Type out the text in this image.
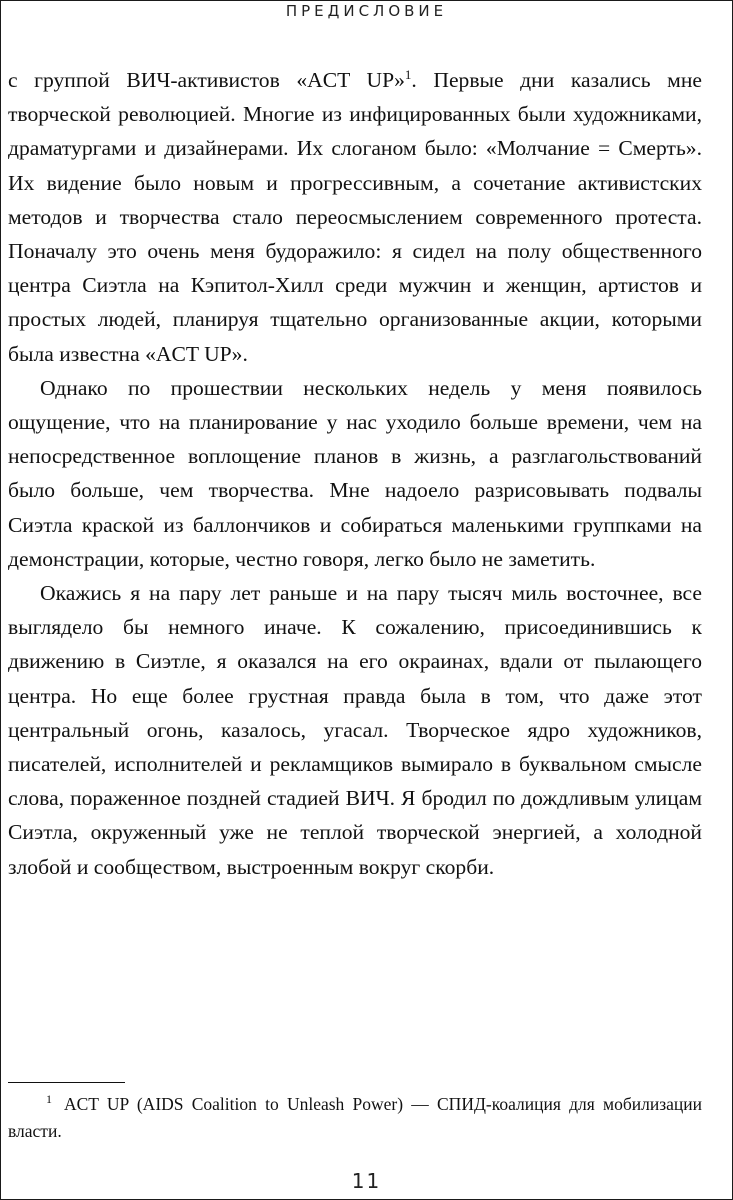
ПРЕДИСЛОВИЕ

с группой ВИЧ-активистов «ACT UP»$^1$. Первые дни казались мне творческой революцией. Многие из инфицированных были художниками, драматургами и дизайнерами. Их слоганом было: «Молчание = Смерть». Их видение было новым и прогрессивным, а сочетание активистских методов и творчества стало переосмыслением современного протеста. Поначалу это очень меня будоражило: я сидел на полу общественного центра Сиэтла на Кэпитол-Хилл среди мужчин и женщин, артистов и простых людей, планируя тщательно организованные акции, которыми была известна «ACT UP».

Однако по прошествии нескольких недель у меня появилось ощущение, что на планирование у нас уходило больше времени, чем на непосредственное воплощение планов в жизнь, а разглагольствований было больше, чем творчества. Мне надоело разрисовывать подвалы Сиэтла краской из баллончиков и собираться маленькими группками на демонстрации, которые, честно говоря, легко было не заметить.

Окажись я на пару лет раньше и на пару тысяч миль восточнее, все выглядело бы немного иначе. К сожалению, присоединившись к движению в Сиэтле, я оказался на его окраинах, вдали от пылающего центра. Но еще более грустная правда была в том, что даже этот центральный огонь, казалось, угасал. Творческое ядро художников, писателей, исполнителей и рекламщиков вымирало в буквальном смысле слова, пораженное поздней стадией ВИЧ. Я бродил по дождливым улицам Сиэтла, окруженный уже не теплой творческой энергией, а холодной злобой и сообществом, выстроенным вокруг скорби.

$^1$ ACT UP (AIDS Coalition to Unleash Power) — СПИД-коалиция для мобилизации власти.
11
